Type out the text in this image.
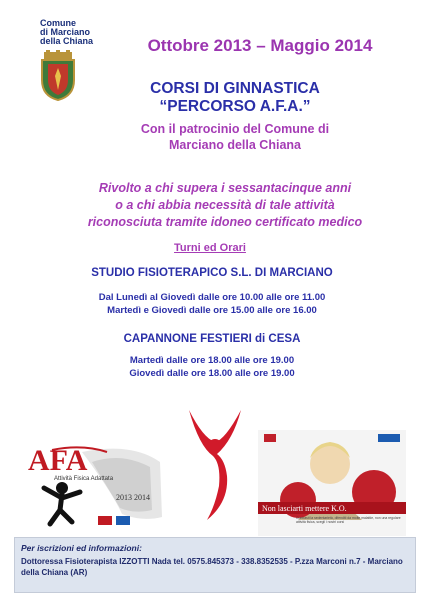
Comune
di Marciano
della Chiana	Ottobre 2013 – Maggio 2014
CORSI DI GINNASTICA
“PERCORSO A.F.A.”
Con il patrocinio del Comune di
Marciano della Chiana
Rivolto a chi supera i sessantacinque anni
o a chi abbia necessità di tale attività
riconosciuta tramite idoneo certificato medico
Turni ed Orari
STUDIO FISIOTERAPICO S.L. DI MARCIANO
Dal Lunedì al Giovedì dalle ore 10.00 alle ore 11.00
Martedì e Giovedì dalle ore 15.00 alle ore 16.00
CAPANNONE FESTIERI di CESA
Martedì dalle ore 18.00 alle ore 19.00
Giovedì dalle ore 18.00 alle ore 19.00
AFA
Attività Fisica Adattata
2013 2014
Non lasciarti mettere K.O.
Contrasti la sedentarietà, difenditi da molte malattie, non una regolare attività fisica, scegli i nostri corsi
Per iscrizioni ed informazioni:
Dottoressa Fisioterapista IZZOTTI Nada tel. 0575.845373 - 338.8352535 - P.zza Marconi n.7 - Marciano della Chiana (AR)
